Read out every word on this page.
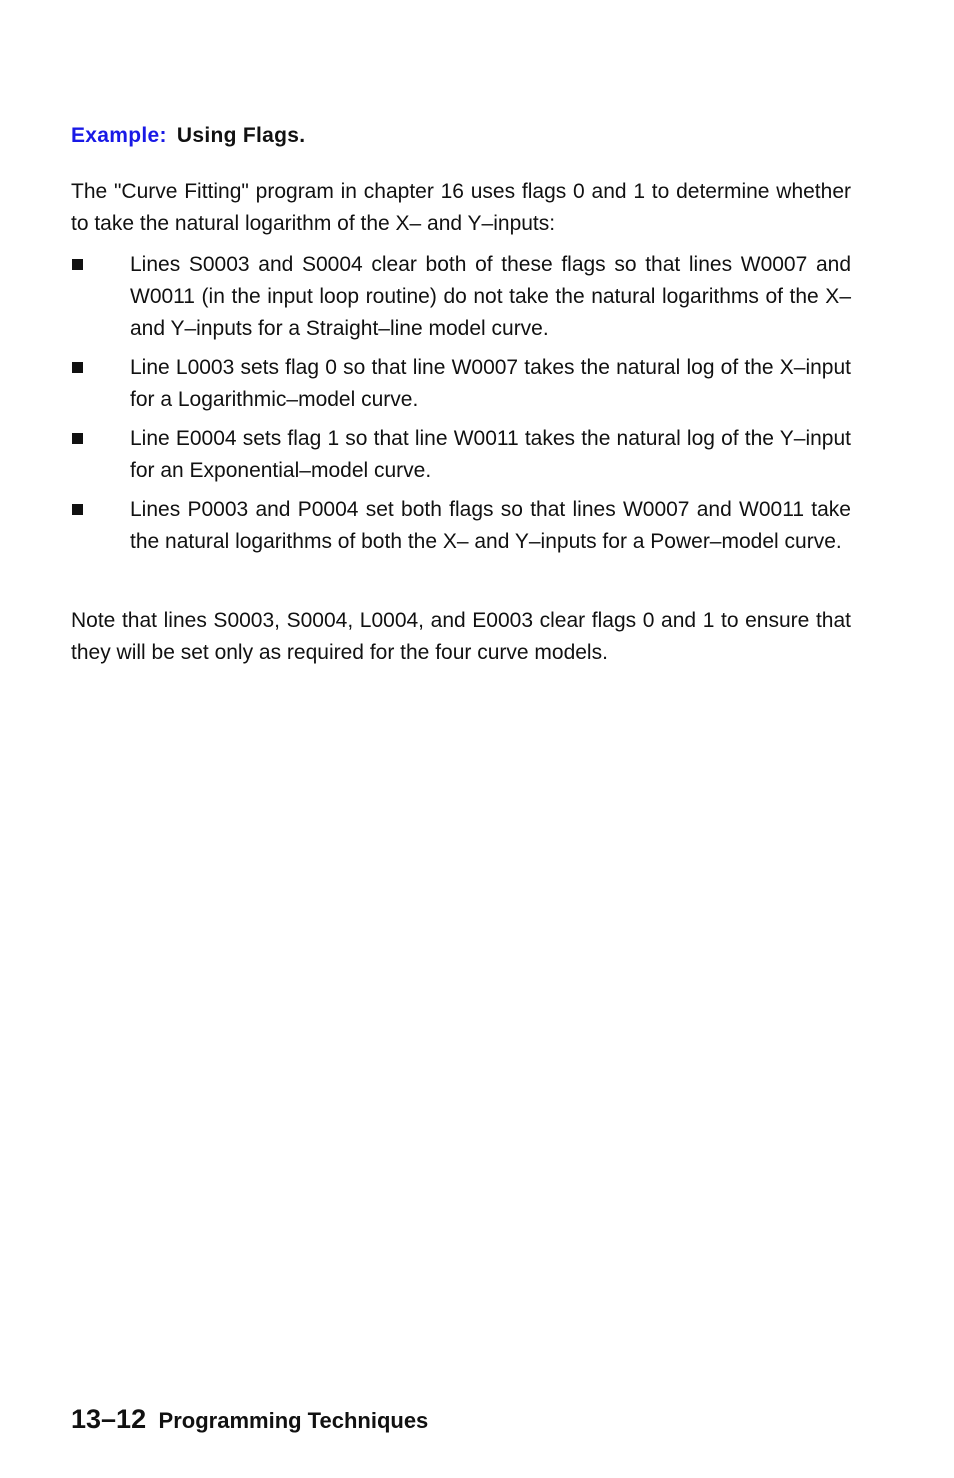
Example: Using Flags.

The "Curve Fitting" program in chapter 16 uses flags 0 and 1 to determine whether to take the natural logarithm of the X– and Y–inputs:

Lines S0003 and S0004 clear both of these flags so that lines W0007 and W0011 (in the input loop routine) do not take the natural logarithms of the X– and Y–inputs for a Straight–line model curve.
Line L0003 sets flag 0 so that line W0007 takes the natural log of the X–input for a Logarithmic–model curve.
Line E0004 sets flag 1 so that line W0011 takes the natural log of the Y–input for an Exponential–model curve.
Lines P0003 and P0004 set both flags so that lines W0007 and W0011 take the natural logarithms of both the X– and Y–inputs for a Power–model curve.

Note that lines S0003, S0004, L0004, and E0003 clear flags 0 and 1 to ensure that they will be set only as required for the four curve models.

13–12 Programming Techniques
